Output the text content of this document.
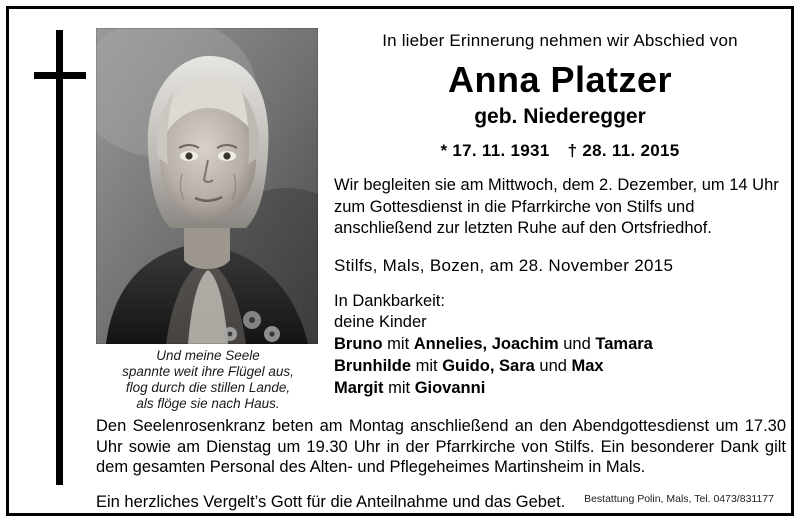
Und meine Seele
spannte weit ihre Flügel aus,
flog durch die stillen Lande,
als flöge sie nach Haus.
In lieber Erinnerung nehmen wir Abschied von
Anna Platzer
geb. Niederegger
* 17. 11. 1931 † 28. 11. 2015
Wir begleiten sie am Mittwoch, dem 2. Dezember, um 14 Uhr zum Gottesdienst in die Pfarrkirche von Stilfs und anschließend zur letzten Ruhe auf den Ortsfriedhof.
Stilfs, Mals, Bozen, am 28. November 2015
In Dankbarkeit:
deine Kinder
Bruno mit Annelies, Joachim und Tamara
Brunhilde mit Guido, Sara und Max
Margit mit Giovanni
Den Seelenrosenkranz beten am Montag anschließend an den Abendgottesdienst um 17.30 Uhr sowie am Dienstag um 19.30 Uhr in der Pfarrkirche von Stilfs. Ein besonderer Dank gilt dem gesamten Personal des Alten- und Pflegeheimes Martinsheim in Mals.
Ein herzliches Vergelt’s Gott für die Anteilnahme und das Gebet.	Bestattung Polin, Mals, Tel. 0473/831177
